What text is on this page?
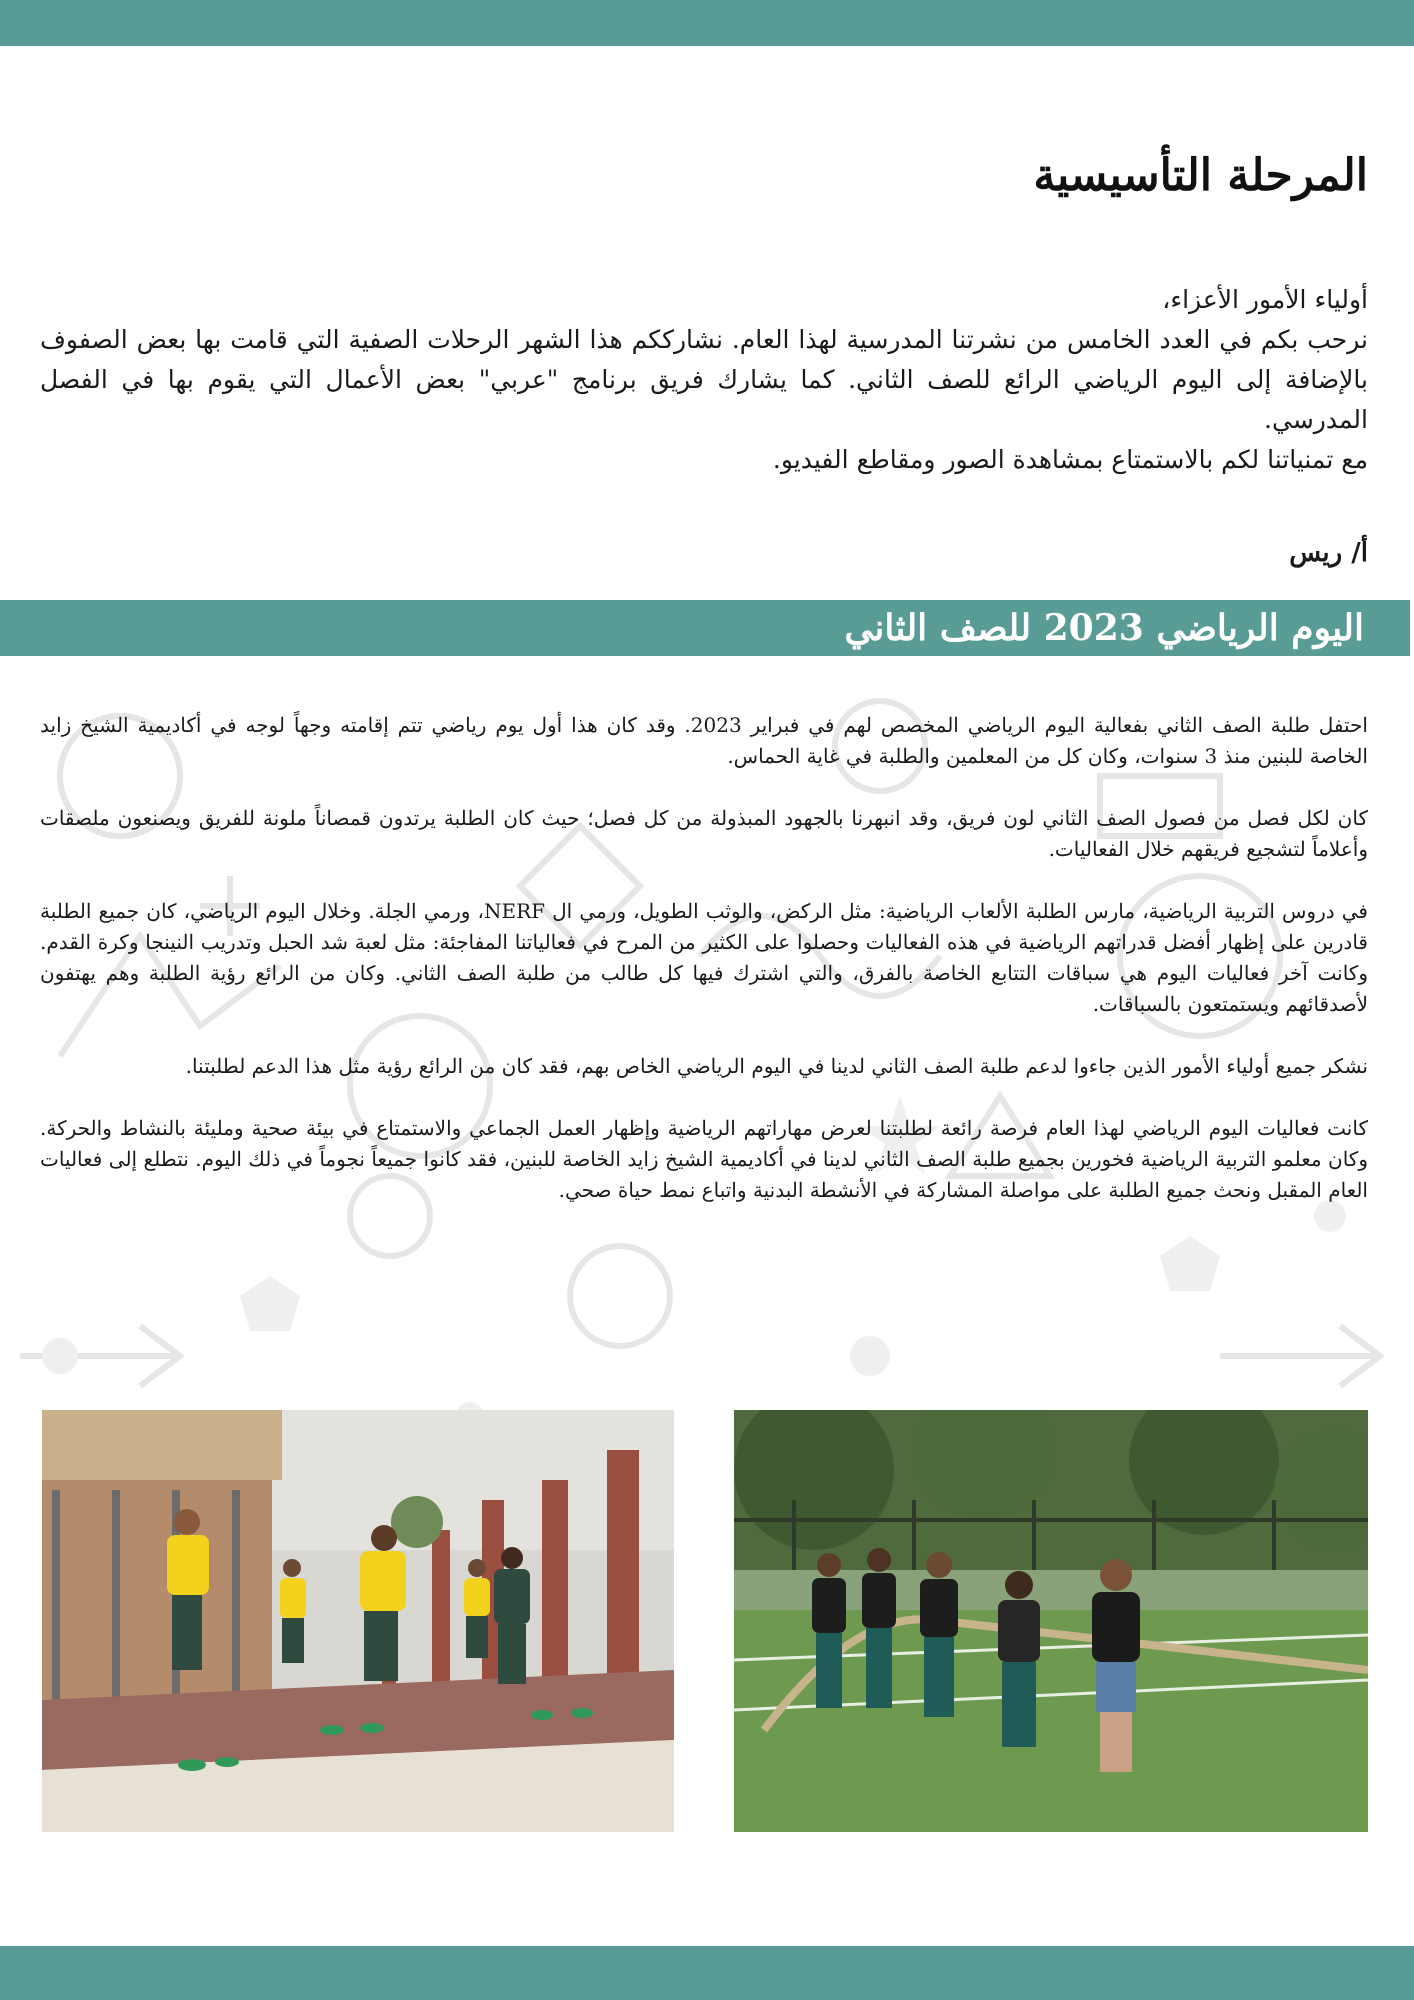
المرحلة التأسيسية

أولياء الأمور الأعزاء،

نرحب بكم في العدد الخامس من نشرتنا المدرسية لهذا العام. نشارككم هذا الشهر الرحلات الصفية التي قامت بها بعض الصفوف بالإضافة إلى اليوم الرياضي الرائع للصف الثاني. كما يشارك فريق برنامج "عربي" بعض الأعمال التي يقوم بها في الفصل المدرسي.

مع تمنياتنا لكم بالاستمتاع بمشاهدة الصور ومقاطع الفيديو.

أ/ ريس
اليوم الرياضي 2023 للصف الثاني

احتفل طلبة الصف الثاني بفعالية اليوم الرياضي المخصص لهم في فبراير 2023. وقد كان هذا أول يوم رياضي تتم إقامته وجهاً لوجه في أكاديمية الشيخ زايد الخاصة للبنين منذ 3 سنوات، وكان كل من المعلمين والطلبة في غاية الحماس.

كان لكل فصل من فصول الصف الثاني لون فريق، وقد انبهرنا بالجهود المبذولة من كل فصل؛ حيث كان الطلبة يرتدون قمصاناً ملونة للفريق ويصنعون ملصقات وأعلاماً لتشجيع فريقهم خلال الفعاليات.

في دروس التربية الرياضية، مارس الطلبة الألعاب الرياضية: مثل الركض، والوثب الطويل، ورمي ال NERF، ورمي الجلة. وخلال اليوم الرياضي، كان جميع الطلبة قادرين على إظهار أفضل قدراتهم الرياضية في هذه الفعاليات وحصلوا على الكثير من المرح في فعالياتنا المفاجئة: مثل لعبة شد الحبل وتدريب النينجا وكرة القدم. وكانت آخر فعاليات اليوم هي سباقات التتابع الخاصة بالفرق، والتي اشترك فيها كل طالب من طلبة الصف الثاني. وكان من الرائع رؤية الطلبة وهم يهتفون لأصدقائهم ويستمتعون بالسباقات.

نشكر جميع أولياء الأمور الذين جاءوا لدعم طلبة الصف الثاني لدينا في اليوم الرياضي الخاص بهم، فقد كان من الرائع رؤية مثل هذا الدعم لطلبتنا.

كانت فعاليات اليوم الرياضي لهذا العام فرصة رائعة لطلبتنا لعرض مهاراتهم الرياضية وإظهار العمل الجماعي والاستمتاع في بيئة صحية ومليئة بالنشاط والحركة. وكان معلمو التربية الرياضية فخورين بجميع طلبة الصف الثاني لدينا في أكاديمية الشيخ زايد الخاصة للبنين، فقد كانوا جميعاً نجوماً في ذلك اليوم. نتطلع إلى فعاليات العام المقبل ونحث جميع الطلبة على مواصلة المشاركة في الأنشطة البدنية واتباع نمط حياة صحي.
